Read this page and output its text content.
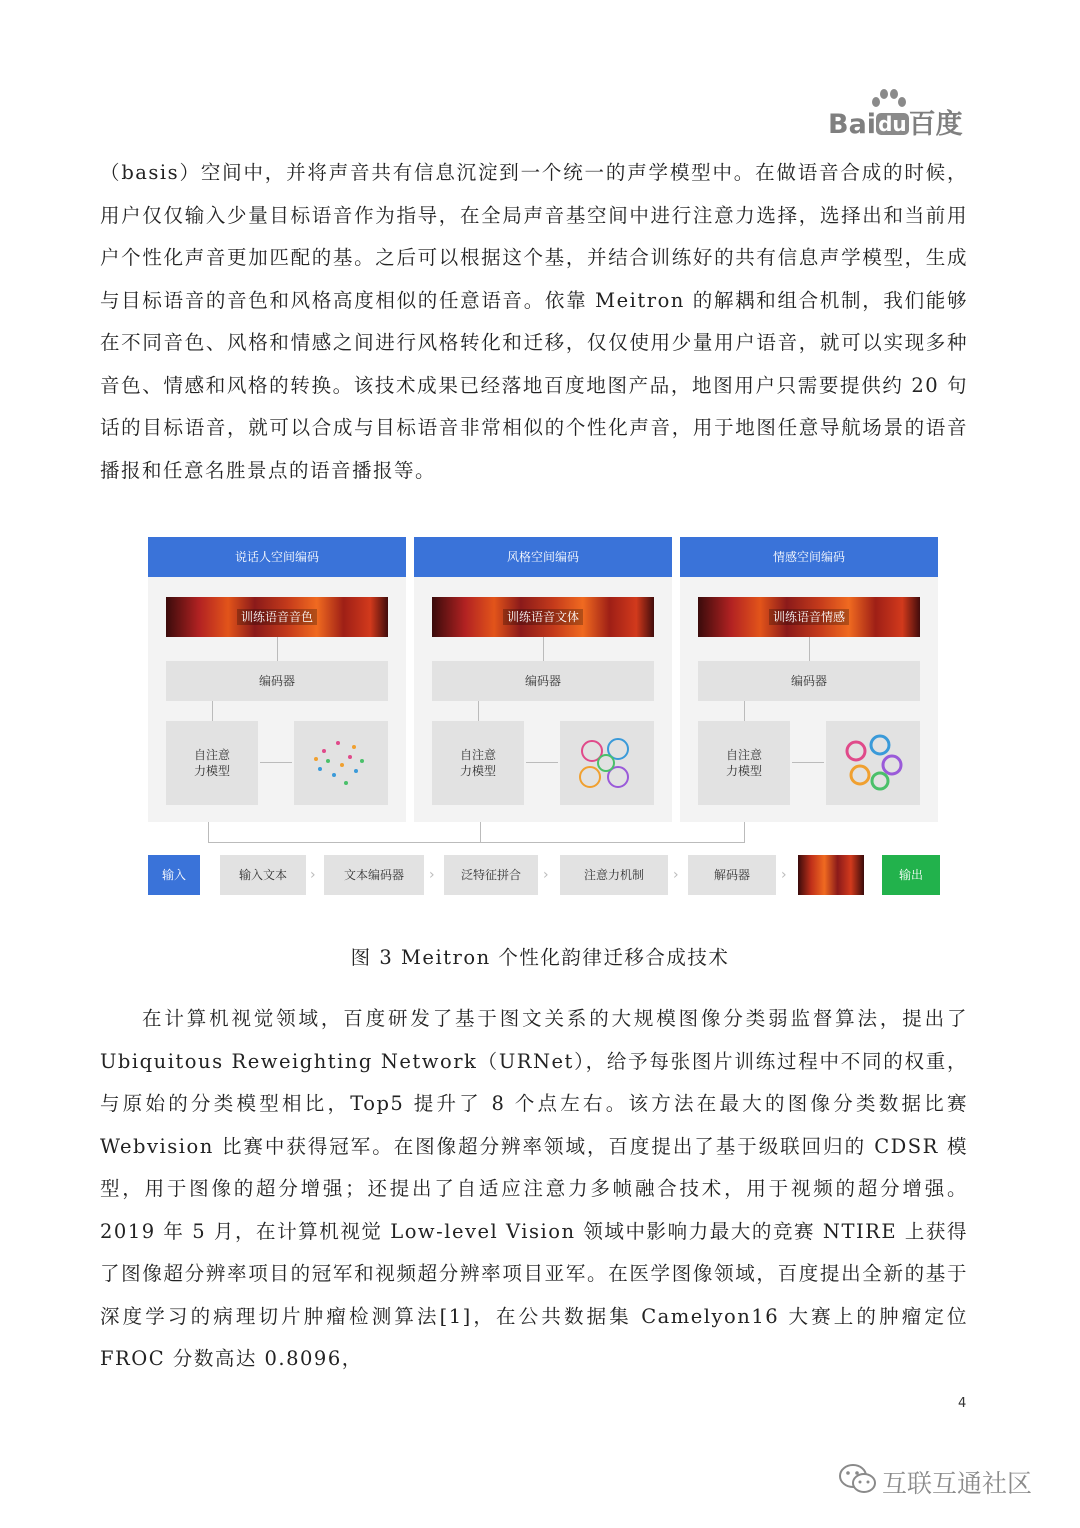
Bai du百度

（basis）空间中，并将声音共有信息沉淀到一个统一的声学模型中。在做语音合成的时候，用户仅仅输入少量目标语音作为指导，在全局声音基空间中进行注意力选择，选择出和当前用户个性化声音更加匹配的基。之后可以根据这个基，并结合训练好的共有信息声学模型，生成与目标语音的音色和风格高度相似的任意语音。依靠 Meitron 的解耦和组合机制，我们能够在不同音色、风格和情感之间进行风格转化和迁移，仅仅使用少量用户语音，就可以实现多种音色、情感和风格的转换。该技术成果已经落地百度地图产品，地图用户只需要提供约 20 句话的目标语音，就可以合成与目标语音非常相似的个性化声音，用于地图任意导航场景的语音播报和任意名胜景点的语音播报等。

说话人空间编码
训练语音音色
编码器
自注意力模型
风格空间编码
训练语音文体
编码器
自注意力模型
情感空间编码
训练语音情感
编码器
自注意力模型
输入	输入文本	›	文本编码器	›	泛特征拼合	›	注意力机制	›	解码器	›	输出
图 3 Meitron 个性化韵律迁移合成技术

在计算机视觉领域，百度研发了基于图文关系的大规模图像分类弱监督算法，提出了 Ubiquitous Reweighting Network（URNet），给予每张图片训练过程中不同的权重，与原始的分类模型相比，Top5 提升了 8 个点左右。该方法在最大的图像分类数据比赛 Webvision 比赛中获得冠军。在图像超分辨率领域，百度提出了基于级联回归的 CDSR 模型，用于图像的超分增强；还提出了自适应注意力多帧融合技术，用于视频的超分增强。2019 年 5 月，在计算机视觉 Low-level Vision 领域中影响力最大的竞赛 NTIRE 上获得了图像超分辨率项目的冠军和视频超分辨率项目亚军。在医学图像领域，百度提出全新的基于深度学习的病理切片肿瘤检测算法[1]，在公共数据集 Camelyon16 大赛上的肿瘤定位 FROC 分数高达 0.8096，

4
互联互通社区
